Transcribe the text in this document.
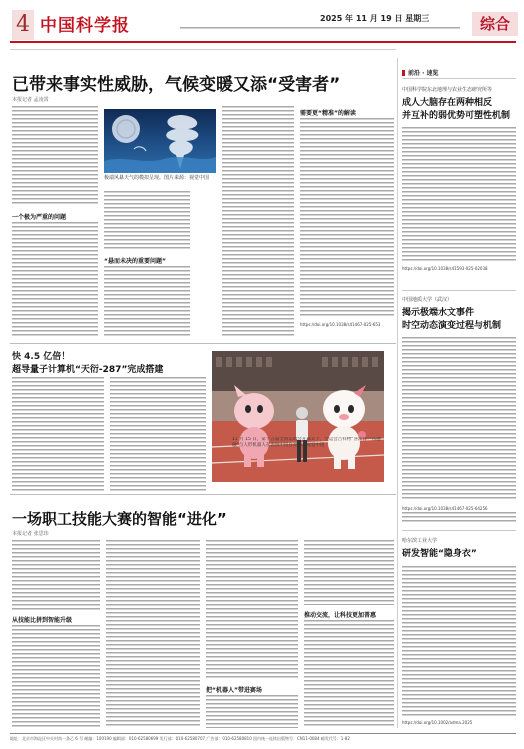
4 中国科学报	2025 年 11 月 19 日 星期三	综合
已带来事实性威胁，气候变暖又添“受害者”
本报记者 孟凌霄
一个极为严重的问题
极端风暴天气的模拟呈现。图片来源：视觉中国
“悬而未决的重要问题”
需要更“精准”的解读
https://doi.org/10.1038/s41467-025-653
快 4.5 亿倍！
超导量子计算机“天衍-287”完成搭建
11 月 15 日，第十五届全国运动会开幕式上，全运会吉祥物“喜洋洋”“乐融融”与人形机器人在表演中同台亮相。视觉中国
一场职工技能大赛的智能“进化”
本报记者 张思玮
从技能比拼到智能升级
把“机器人”带进赛场
推动交流，让科技更加普惠
前沿 · 速览
中国科学院东北地理与农业生态研究所等
成人大脑存在两种相反
并互补的弱优势可塑性机制
https://doi.org/10.1038/s41593-025-02038
中国地质大学（武汉）
揭示极端水文事件
时空动态演变过程与机制
https://doi.org/10.1038/s41467-025-64256
哈尔滨工业大学
研发智能“隐身衣”
https://doi.org/10.1002/adma.2025
地址：北京市海淀区中关村南一条乙 6 号 邮编：100190 编辑部：010-62580699 发行部：010-62580707 广告部：010-62580810 国内统一连续出版物号：CN11-0084 邮发代号：1-82
